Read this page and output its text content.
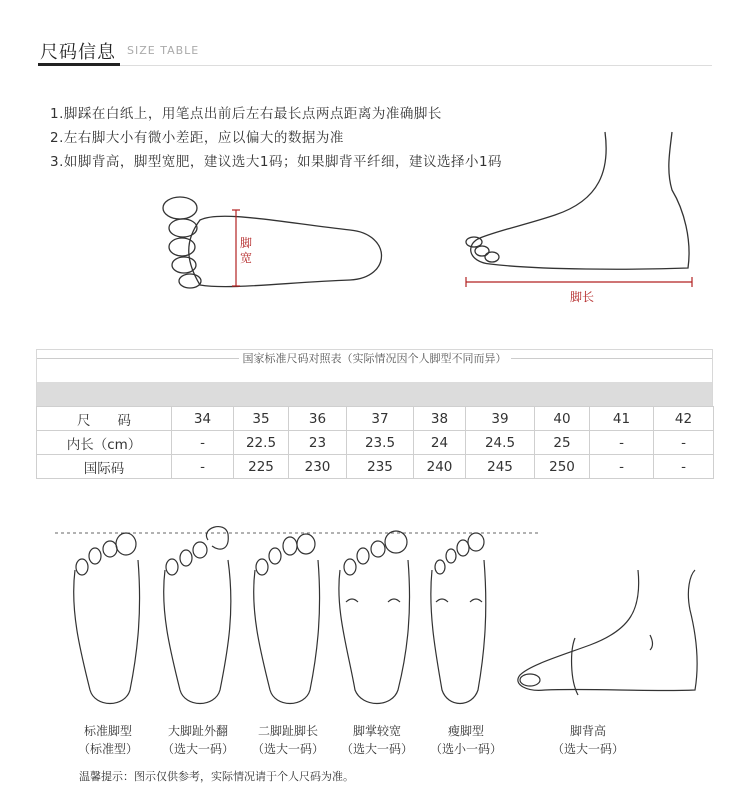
尺码信息 SIZE TABLE
1.脚踩在白纸上，用笔点出前后左右最长点两点距离为准确脚长
2.左右脚大小有微小差距，应以偏大的数据为准
3.如脚背高，脚型宽肥，建议选大1码；如果脚背平纤细，建议选择小1码
脚宽
脚长
国家标准尺码对照表（实际情况因个人脚型不同而异）
尺　　码	34	35	36	37	38	39	40	41	42
内长（cm）	-	22.5	23	23.5	24	24.5	25	-	-
国际码	-	225	230	235	240	245	250	-	-
标准脚型
（标准型）
大脚趾外翻
（选大一码）
二脚趾脚长
（选大一码）
脚掌较宽
（选大一码）
瘦脚型
（选小一码）
脚背高
（选大一码）
温馨提示：图示仅供参考，实际情况请于个人尺码为准。
